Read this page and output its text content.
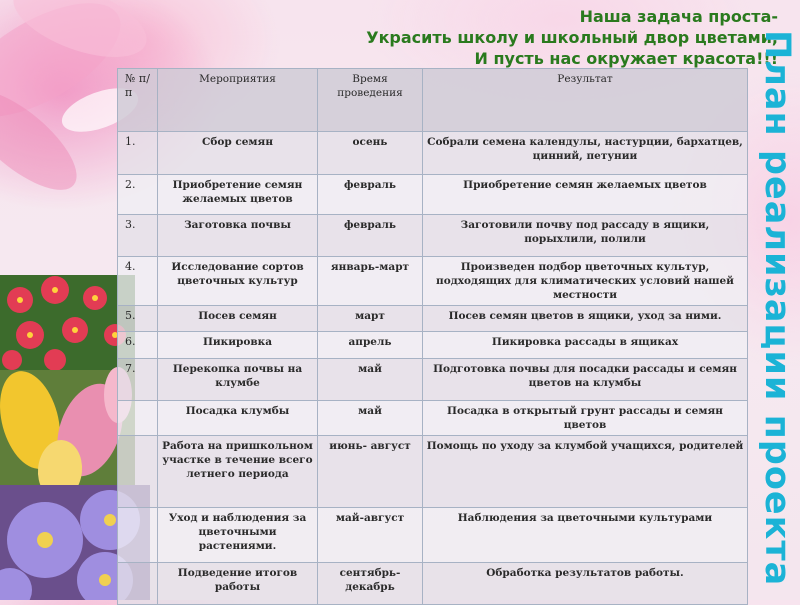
Наша задача проста-
Украсить школу и школьный двор цветами,
И пусть нас окружает красота!!!
План реализации проекта
№ п/п	Мероприятия	Время проведения	Результат
1.	Сбор семян	осень	Собрали семена календулы, настурции, бархатцев, цинний, петунии
2.	Приобретение семян желаемых цветов	февраль	Приобретение семян желаемых цветов
3.	Заготовка почвы	февраль	Заготовили почву под рассаду в ящики, порыхлили, полили
4.	Исследование сортов цветочных культур	январь-март	Произведен подбор цветочных культур, подходящих для климатических условий нашей местности
5.	Посев семян	март	Посев семян цветов в ящики, уход за ними.
6.	Пикировка	апрель	Пикировка рассады в ящиках
7.	Перекопка почвы на клумбе	май	Подготовка почвы для посадки рассады и семян цветов на клумбы
	Посадка клумбы	май	Посадка в открытый грунт рассады и семян цветов
	Работа на пришкольном участке в течение всего летнего периода	июнь- август	Помощь по уходу за клумбой учащихся, родителей
	Уход и наблюдения за цветочными растениями.	май-август	Наблюдения за цветочными культурами
	Подведение итогов работы	сентябрь- декабрь	Обработка результатов работы.
